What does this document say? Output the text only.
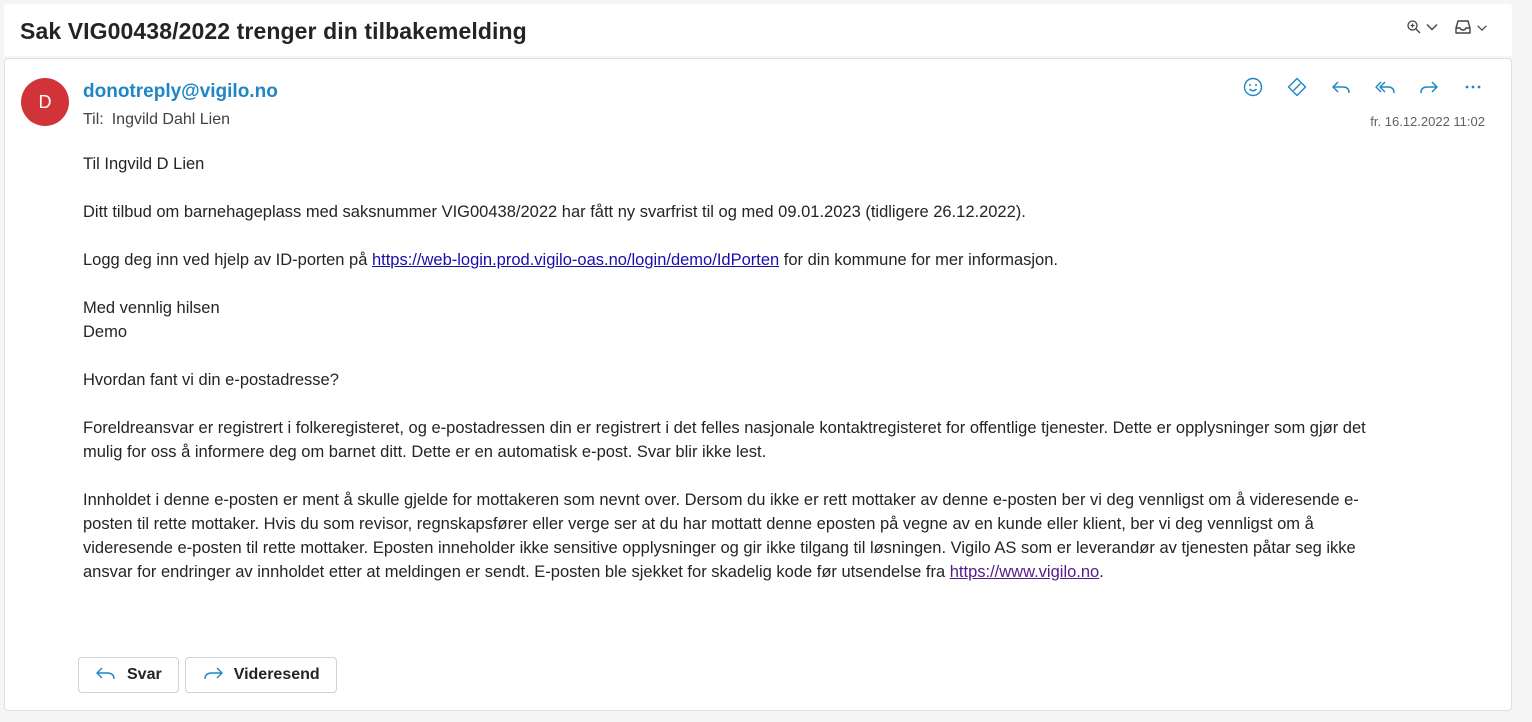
Sak VIG00438/2022 trenger din tilbakemelding
D	donotreply@vigilo.no
Til: Ingvild Dahl Lien	fr. 16.12.2022 11:02

Til Ingvild D Lien

Ditt tilbud om barnehageplass med saksnummer VIG00438/2022 har fått ny svarfrist til og med 09.01.2023 (tidligere 26.12.2022).

Logg deg inn ved hjelp av ID-porten på https://web-login.prod.vigilo-oas.no/login/demo/IdPorten for din kommune for mer informasjon.

Med vennlig hilsen
Demo

Hvordan fant vi din e-postadresse?

Foreldreansvar er registrert i folkeregisteret, og e-postadressen din er registrert i det felles nasjonale kontaktregisteret for offentlige tjenester. Dette er opplysninger som gjør det
mulig for oss å informere deg om barnet ditt. Dette er en automatisk e-post. Svar blir ikke lest.

Innholdet i denne e-posten er ment å skulle gjelde for mottakeren som nevnt over. Dersom du ikke er rett mottaker av denne e-posten ber vi deg vennligst om å videresende e-
posten til rette mottaker. Hvis du som revisor, regnskapsfører eller verge ser at du har mottatt denne eposten på vegne av en kunde eller klient, ber vi deg vennligst om å
videresende e-posten til rette mottaker. Eposten inneholder ikke sensitive opplysninger og gir ikke tilgang til løsningen. Vigilo AS som er leverandør av tjenesten påtar seg ikke
ansvar for endringer av innholdet etter at meldingen er sendt. E-posten ble sjekket for skadelig kode før utsendelse fra https://www.vigilo.no.

Svar	Videresend
